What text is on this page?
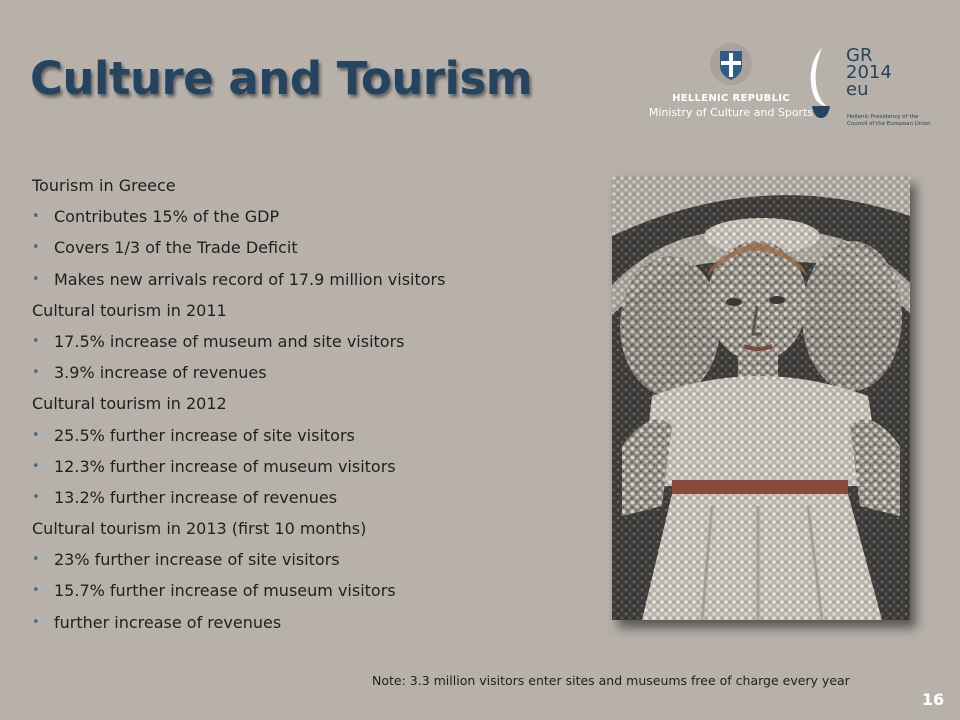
Culture and Tourism	HELLENIC REPUBLIC
Ministry of Culture and Sports
GR
2014
eu
Hellenic Presidency of the Council of the European Union
Tourism in Greece
• Contributes 15% of the GDP
• Covers 1/3 of the Trade Deficit
• Makes new arrivals record of 17.9 million visitors
Cultural tourism in 2011
• 17.5% increase of museum and site visitors
• 3.9% increase of revenues
Cultural tourism in 2012
• 25.5% further increase of site visitors
• 12.3% further increase of museum visitors
• 13.2% further increase of revenues
Cultural tourism in 2013 (first 10 months)
• 23% further increase of site visitors
• 15.7% further increase of museum visitors
• further increase of revenues
Note: 3.3 million visitors enter sites and museums free of charge every year
16
